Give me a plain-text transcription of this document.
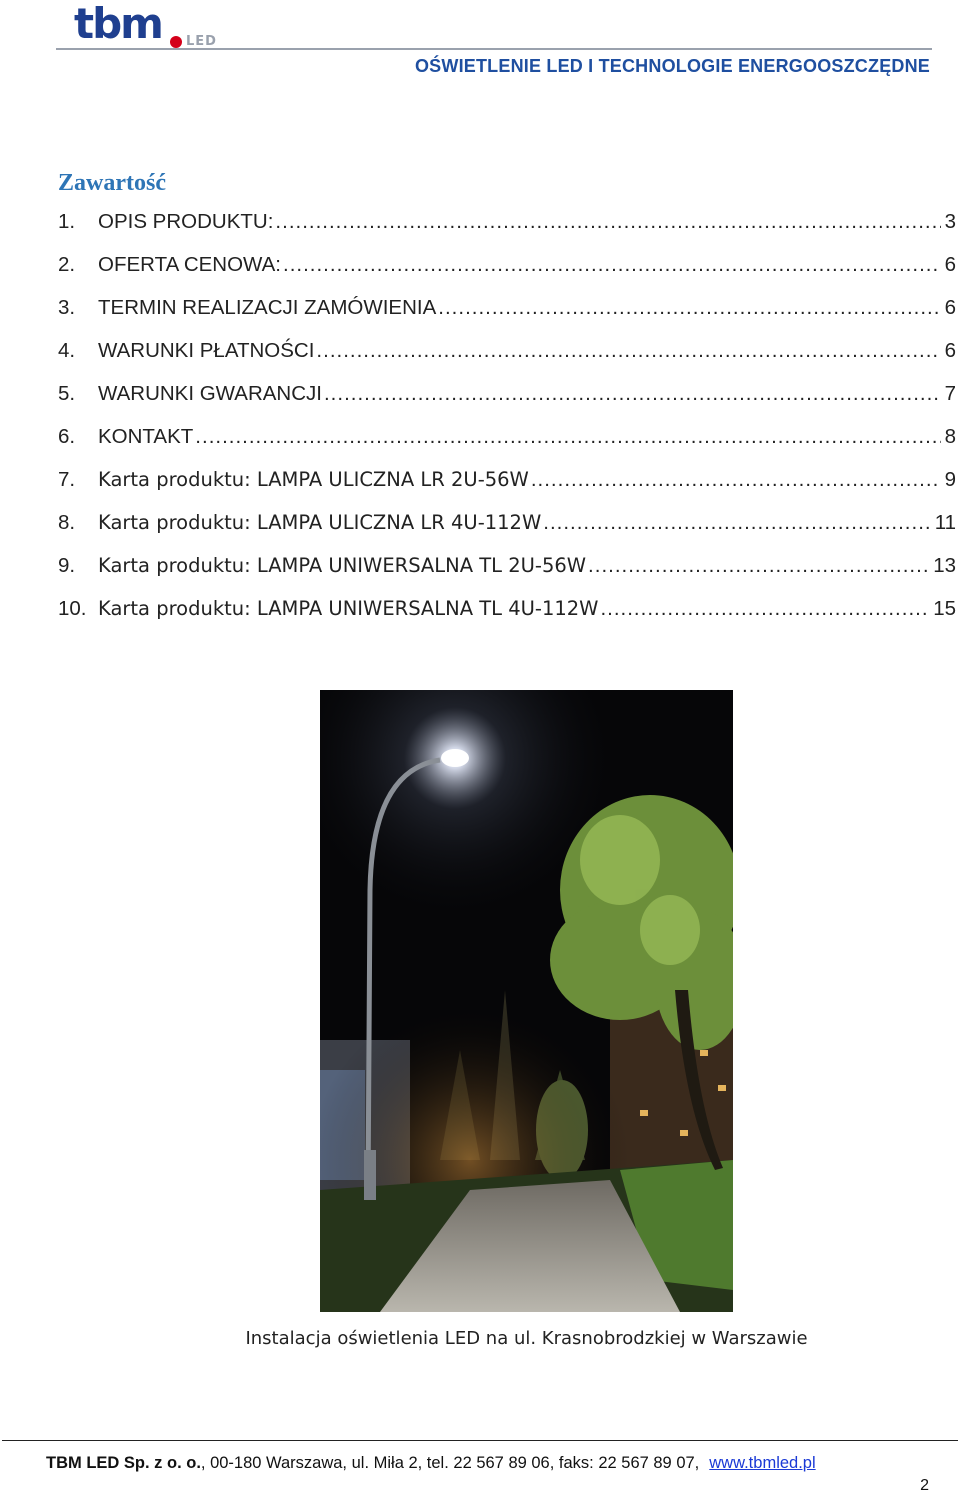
tbm LED
OŚWIETLENIE LED I TECHNOLOGIE ENERGOOSZCZĘDNE
Zawartość
1.	OPIS PRODUKTU: .....	3
2.	OFERTA CENOWA: .....	6
3.	TERMIN REALIZACJI ZAMÓWIENIA .....	6
4.	WARUNKI PŁATNOŚCI .....	6
5.	WARUNKI GWARANCJI .....	7
6.	KONTAKT .....	8
7.	Karta produktu: LAMPA ULICZNA LR 2U-56W .....	9
8.	Karta produktu: LAMPA ULICZNA LR 4U-112W .....	11
9.	Karta produktu: LAMPA UNIWERSALNA TL 2U-56W .....	13
10. Karta produktu: LAMPA UNIWERSALNA TL 4U-112W .....	15
Instalacja oświetlenia LED na ul. Krasnobrodzkiej w Warszawie
TBM LED Sp. z o. o., 00-180 Warszawa, ul. Miła 2, tel. 22 567 89 06, faks: 22 567 89 07, www.tbmled.pl
2
